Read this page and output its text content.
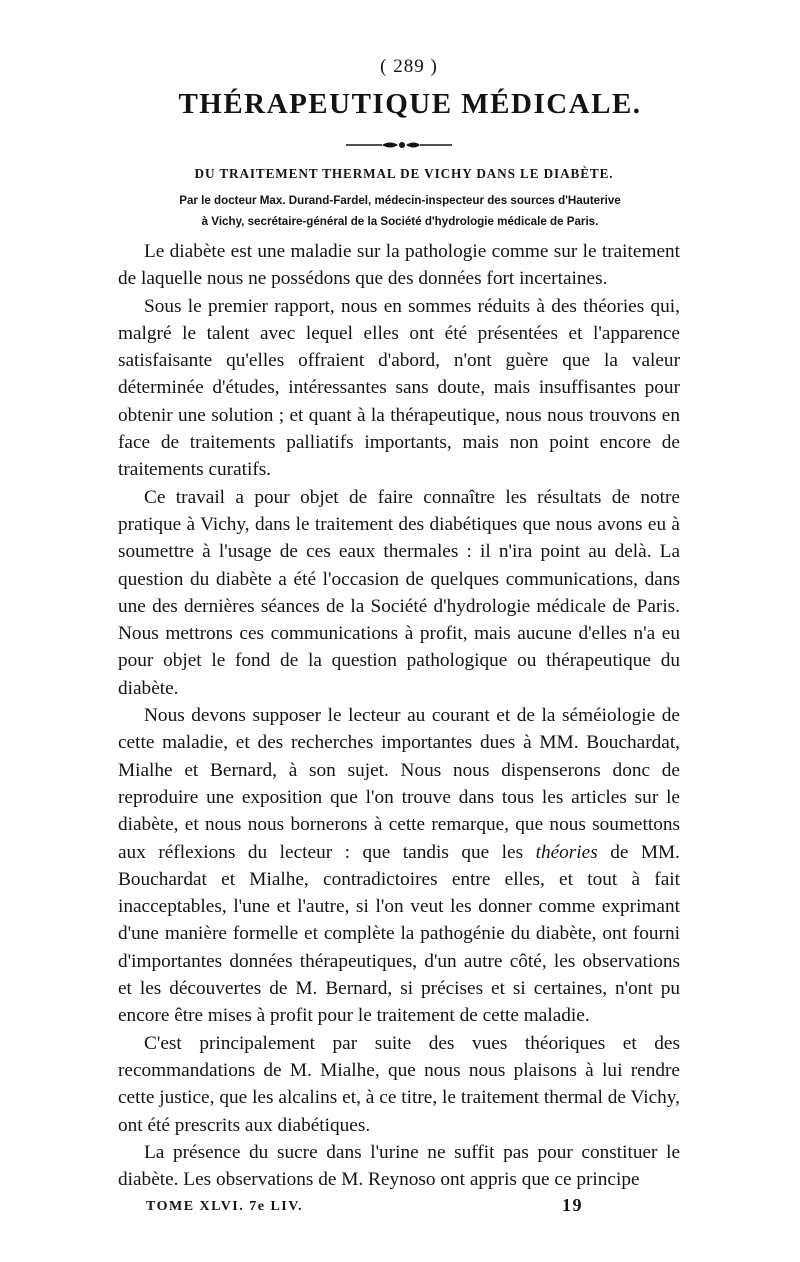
( 289 )
THÉRAPEUTIQUE MÉDICALE.
DU TRAITEMENT THERMAL DE VICHY DANS LE DIABÈTE.
Par le docteur Max. Durand-Fardel, médecin-inspecteur des sources d'Hauterive
à Vichy, secrétaire-général de la Société d'hydrologie médicale de Paris.

Le diabète est une maladie sur la pathologie comme sur le traitement de laquelle nous ne possédons que des données fort incertaines.

Sous le premier rapport, nous en sommes réduits à des théories qui, malgré le talent avec lequel elles ont été présentées et l'apparence satisfaisante qu'elles offraient d'abord, n'ont guère que la valeur déterminée d'études, intéressantes sans doute, mais insuffisantes pour obtenir une solution ; et quant à la thérapeutique, nous nous trouvons en face de traitements palliatifs importants, mais non point encore de traitements curatifs.

Ce travail a pour objet de faire connaître les résultats de notre pratique à Vichy, dans le traitement des diabétiques que nous avons eu à soumettre à l'usage de ces eaux thermales : il n'ira point au delà. La question du diabète a été l'occasion de quelques communications, dans une des dernières séances de la Société d'hydrologie médicale de Paris. Nous mettrons ces communications à profit, mais aucune d'elles n'a eu pour objet le fond de la question pathologique ou thérapeutique du diabète.

Nous devons supposer le lecteur au courant et de la séméiologie de cette maladie, et des recherches importantes dues à MM. Bouchardat, Mialhe et Bernard, à son sujet. Nous nous dispenserons donc de reproduire une exposition que l'on trouve dans tous les articles sur le diabète, et nous nous bornerons à cette remarque, que nous soumettons aux réflexions du lecteur : que tandis que les théories de MM. Bouchardat et Mialhe, contradictoires entre elles, et tout à fait inacceptables, l'une et l'autre, si l'on veut les donner comme exprimant d'une manière formelle et complète la pathogénie du diabète, ont fourni d'importantes données thérapeutiques, d'un autre côté, les observations et les découvertes de M. Bernard, si précises et si certaines, n'ont pu encore être mises à profit pour le traitement de cette maladie.

C'est principalement par suite des vues théoriques et des recommandations de M. Mialhe, que nous nous plaisons à lui rendre cette justice, que les alcalins et, à ce titre, le traitement thermal de Vichy, ont été prescrits aux diabétiques.

La présence du sucre dans l'urine ne suffit pas pour constituer le diabète. Les observations de M. Reynoso ont appris que ce principe

TOME XLVI. 7e LIV.	19
